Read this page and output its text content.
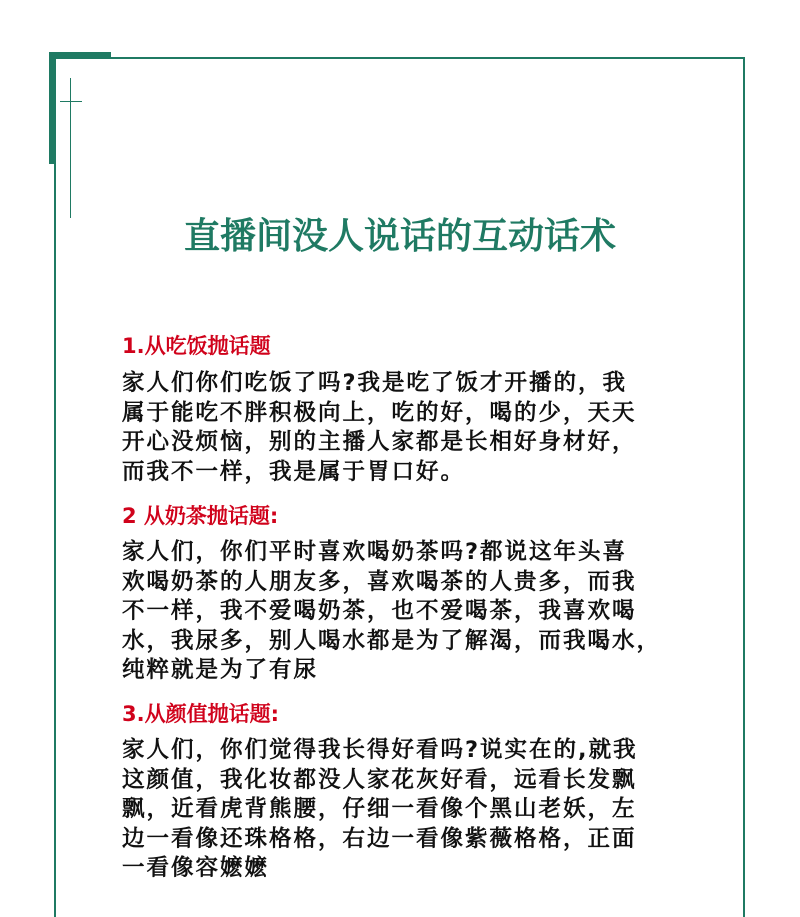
直播间没人说话的互动话术
1.从吃饭抛话题
家人们你们吃饭了吗?我是吃了饭才开播的，我
属于能吃不胖积极向上，吃的好，喝的少，天天
开心没烦恼，别的主播人家都是长相好身材好，
而我不一样，我是属于胃口好。
2 从奶茶抛话题:
家人们，你们平时喜欢喝奶茶吗?都说这年头喜
欢喝奶茶的人朋友多，喜欢喝茶的人贵多，而我
不一样，我不爱喝奶茶，也不爱喝茶，我喜欢喝
水，我尿多，别人喝水都是为了解渴，而我喝水，
纯粹就是为了有尿
3.从颜值抛话题:
家人们，你们觉得我长得好看吗?说实在的,就我
这颜值，我化妆都没人家花灰好看，远看长发飘
飘，近看虎背熊腰，仔细一看像个黑山老妖，左
边一看像还珠格格，右边一看像紫薇格格，正面
一看像容嬷嬷
